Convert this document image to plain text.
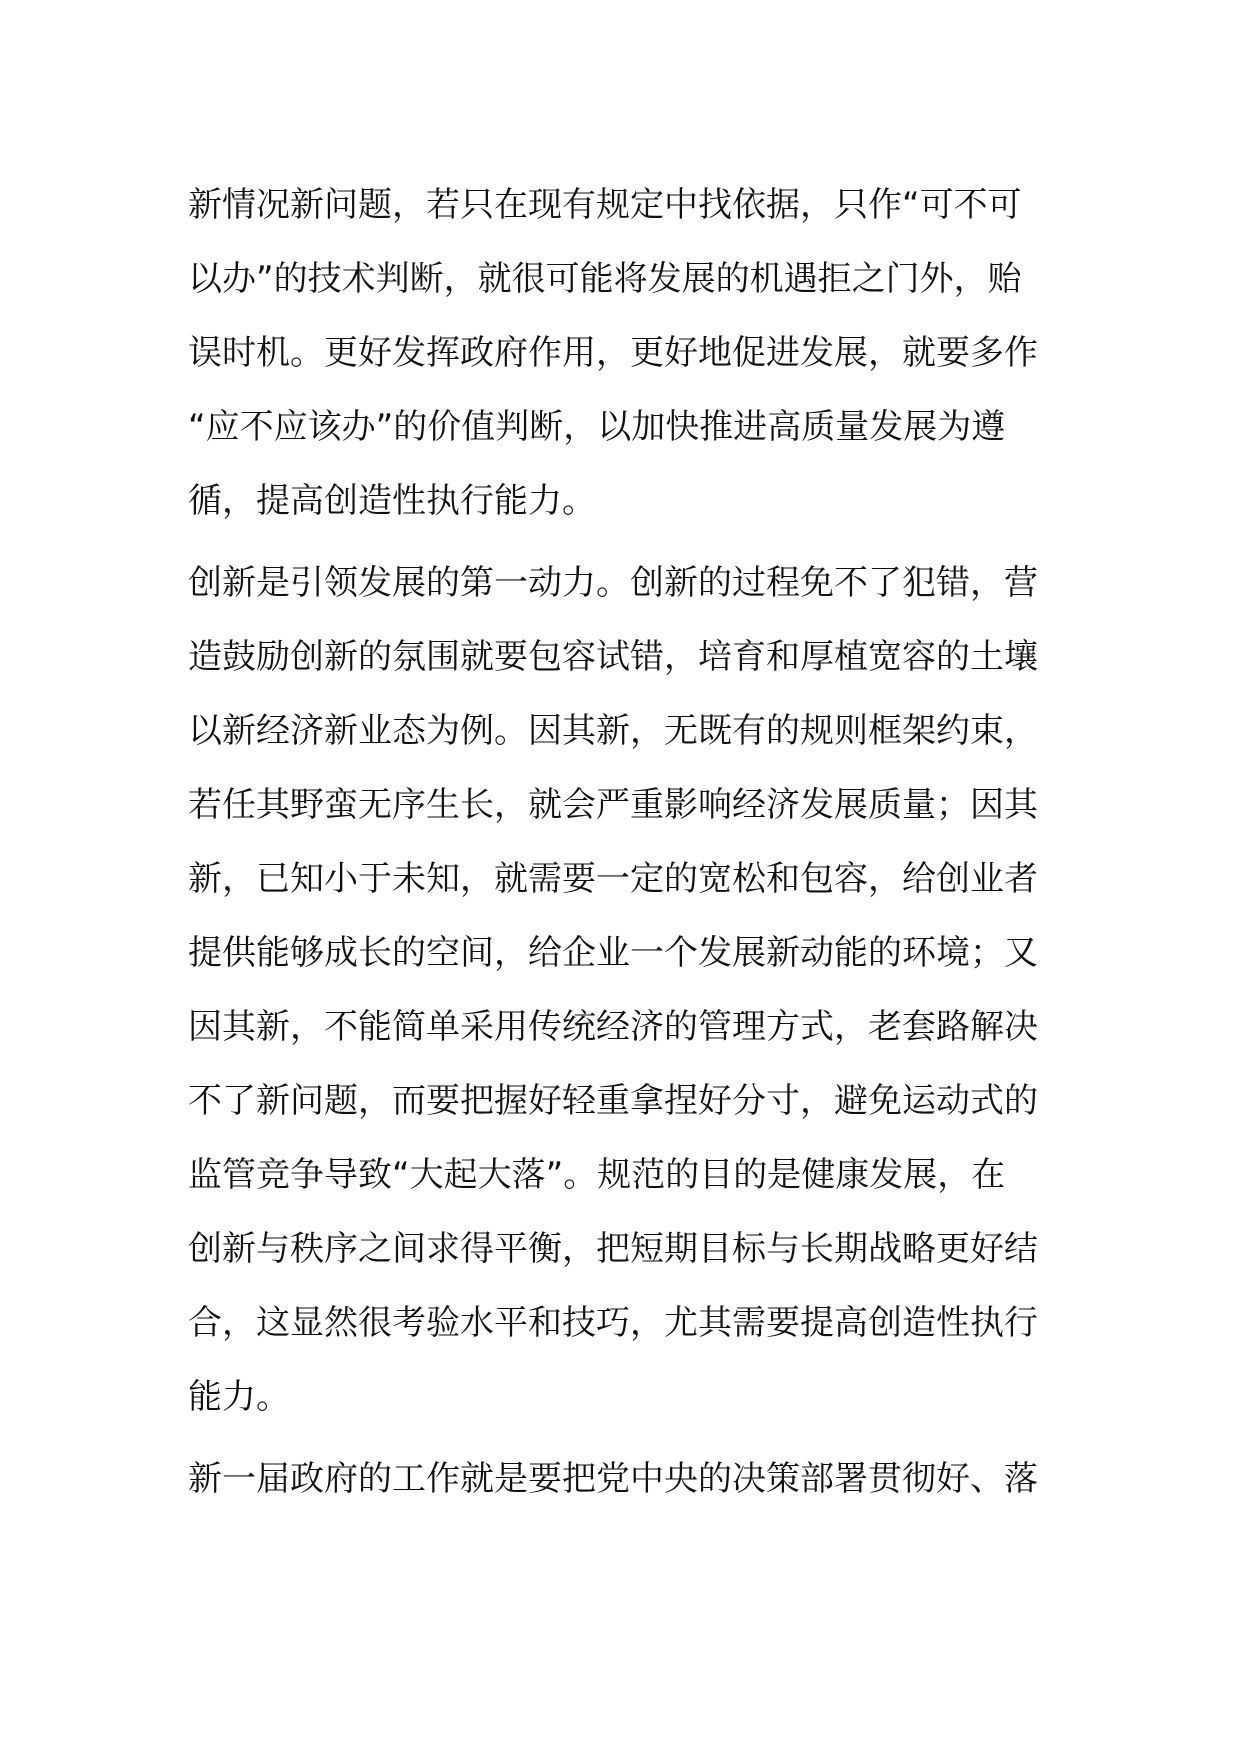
新情况新问题，若只在现有规定中找依据，只作“可不可
以办”的技术判断，就很可能将发展的机遇拒之门外，贻
误时机。更好发挥政府作用，更好地促进发展，就要多作
“应不应该办”的价值判断，以加快推进高质量发展为遵
循，提高创造性执行能力。
创新是引领发展的第一动力。创新的过程免不了犯错，营
造鼓励创新的氛围就要包容试错，培育和厚植宽容的土壤
以新经济新业态为例。因其新，无既有的规则框架约束，
若任其野蛮无序生长，就会严重影响经济发展质量；因其
新，已知小于未知，就需要一定的宽松和包容，给创业者
提供能够成长的空间，给企业一个发展新动能的环境；又
因其新，不能简单采用传统经济的管理方式，老套路解决
不了新问题，而要把握好轻重拿捏好分寸，避免运动式的
监管竞争导致“大起大落”。规范的目的是健康发展，在
创新与秩序之间求得平衡，把短期目标与长期战略更好结
合，这显然很考验水平和技巧，尤其需要提高创造性执行
能力。
新一届政府的工作就是要把党中央的决策部署贯彻好、落
